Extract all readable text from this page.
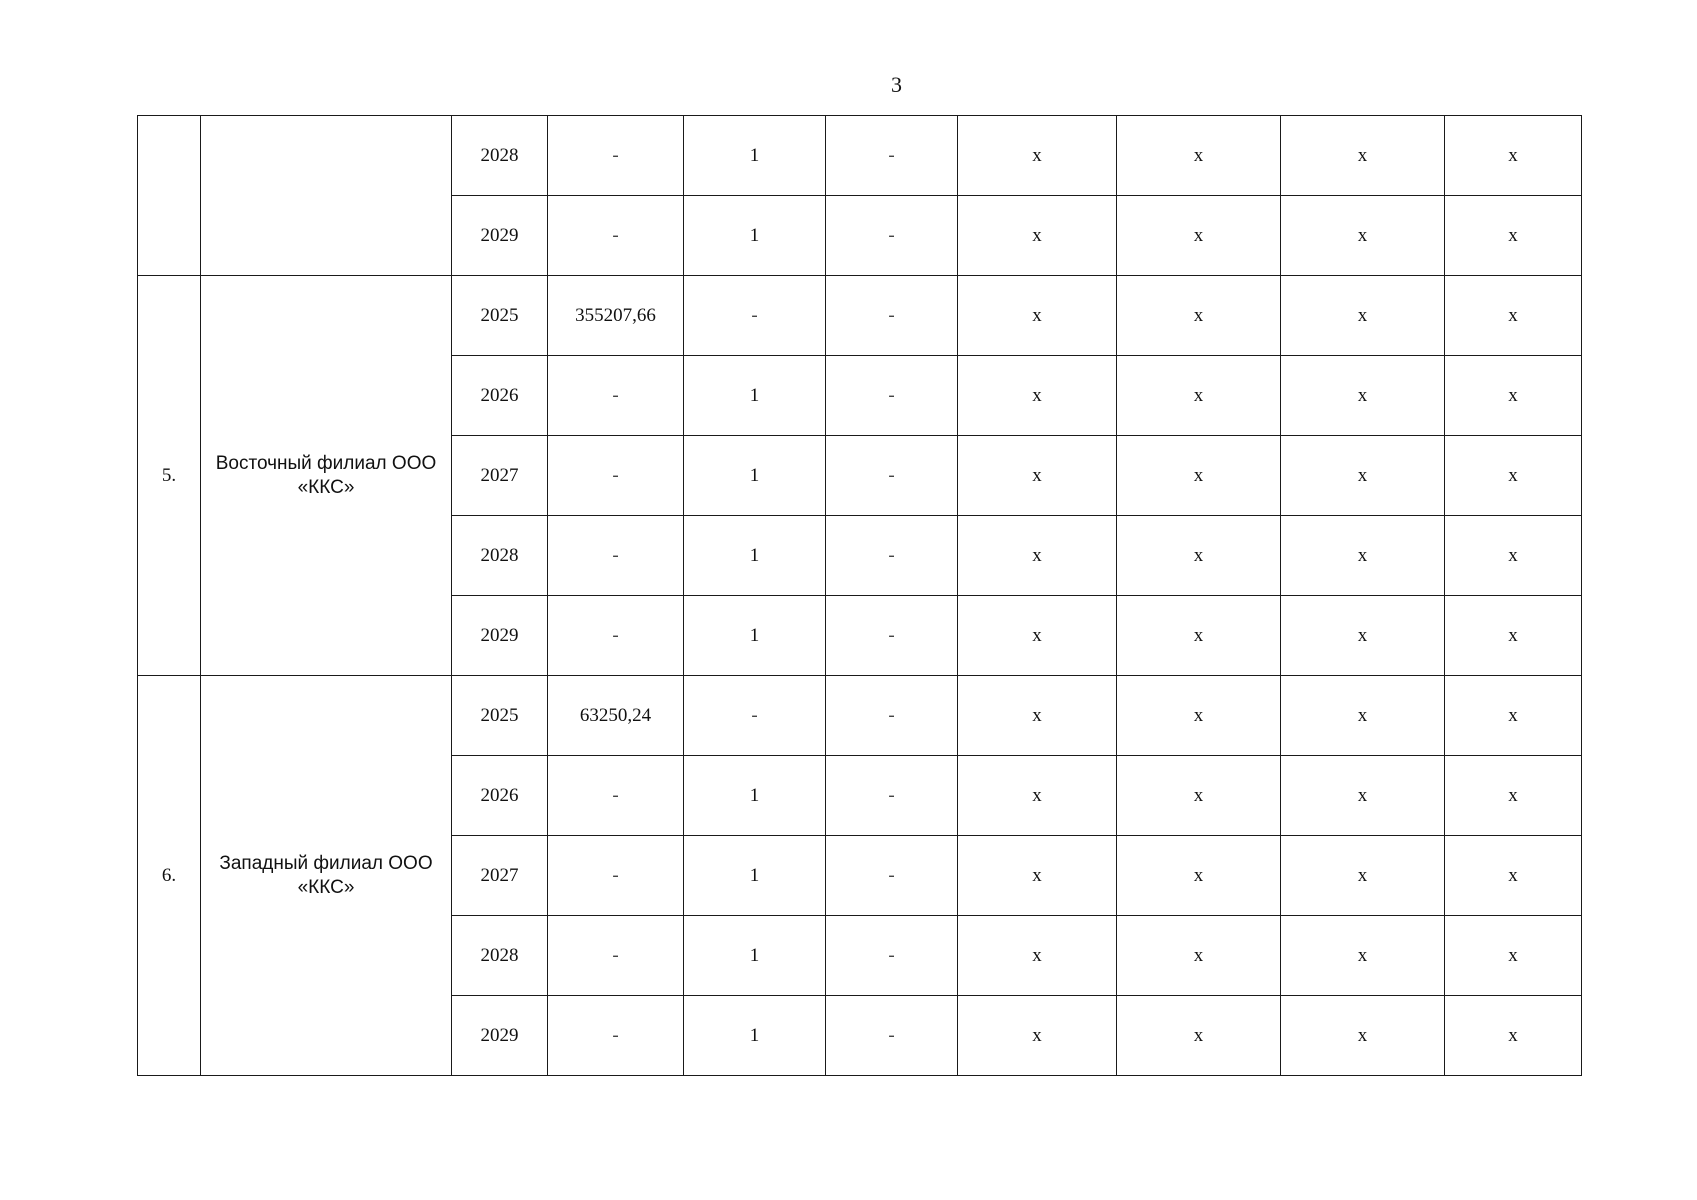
3
		2028	-	1	-	x	x	x	x
		2029	-	1	-	x	x	x	x
5.	Восточный филиал ООО «ККС»	2025	355207,66	-	-	x	x	x	x
		2026	-	1	-	x	x	x	x
		2027	-	1	-	x	x	x	x
		2028	-	1	-	x	x	x	x
		2029	-	1	-	x	x	x	x
6.	Западный филиал ООО «ККС»	2025	63250,24	-	-	x	x	x	x
		2026	-	1	-	x	x	x	x
		2027	-	1	-	x	x	x	x
		2028	-	1	-	x	x	x	x
		2029	-	1	-	x	x	x	x
